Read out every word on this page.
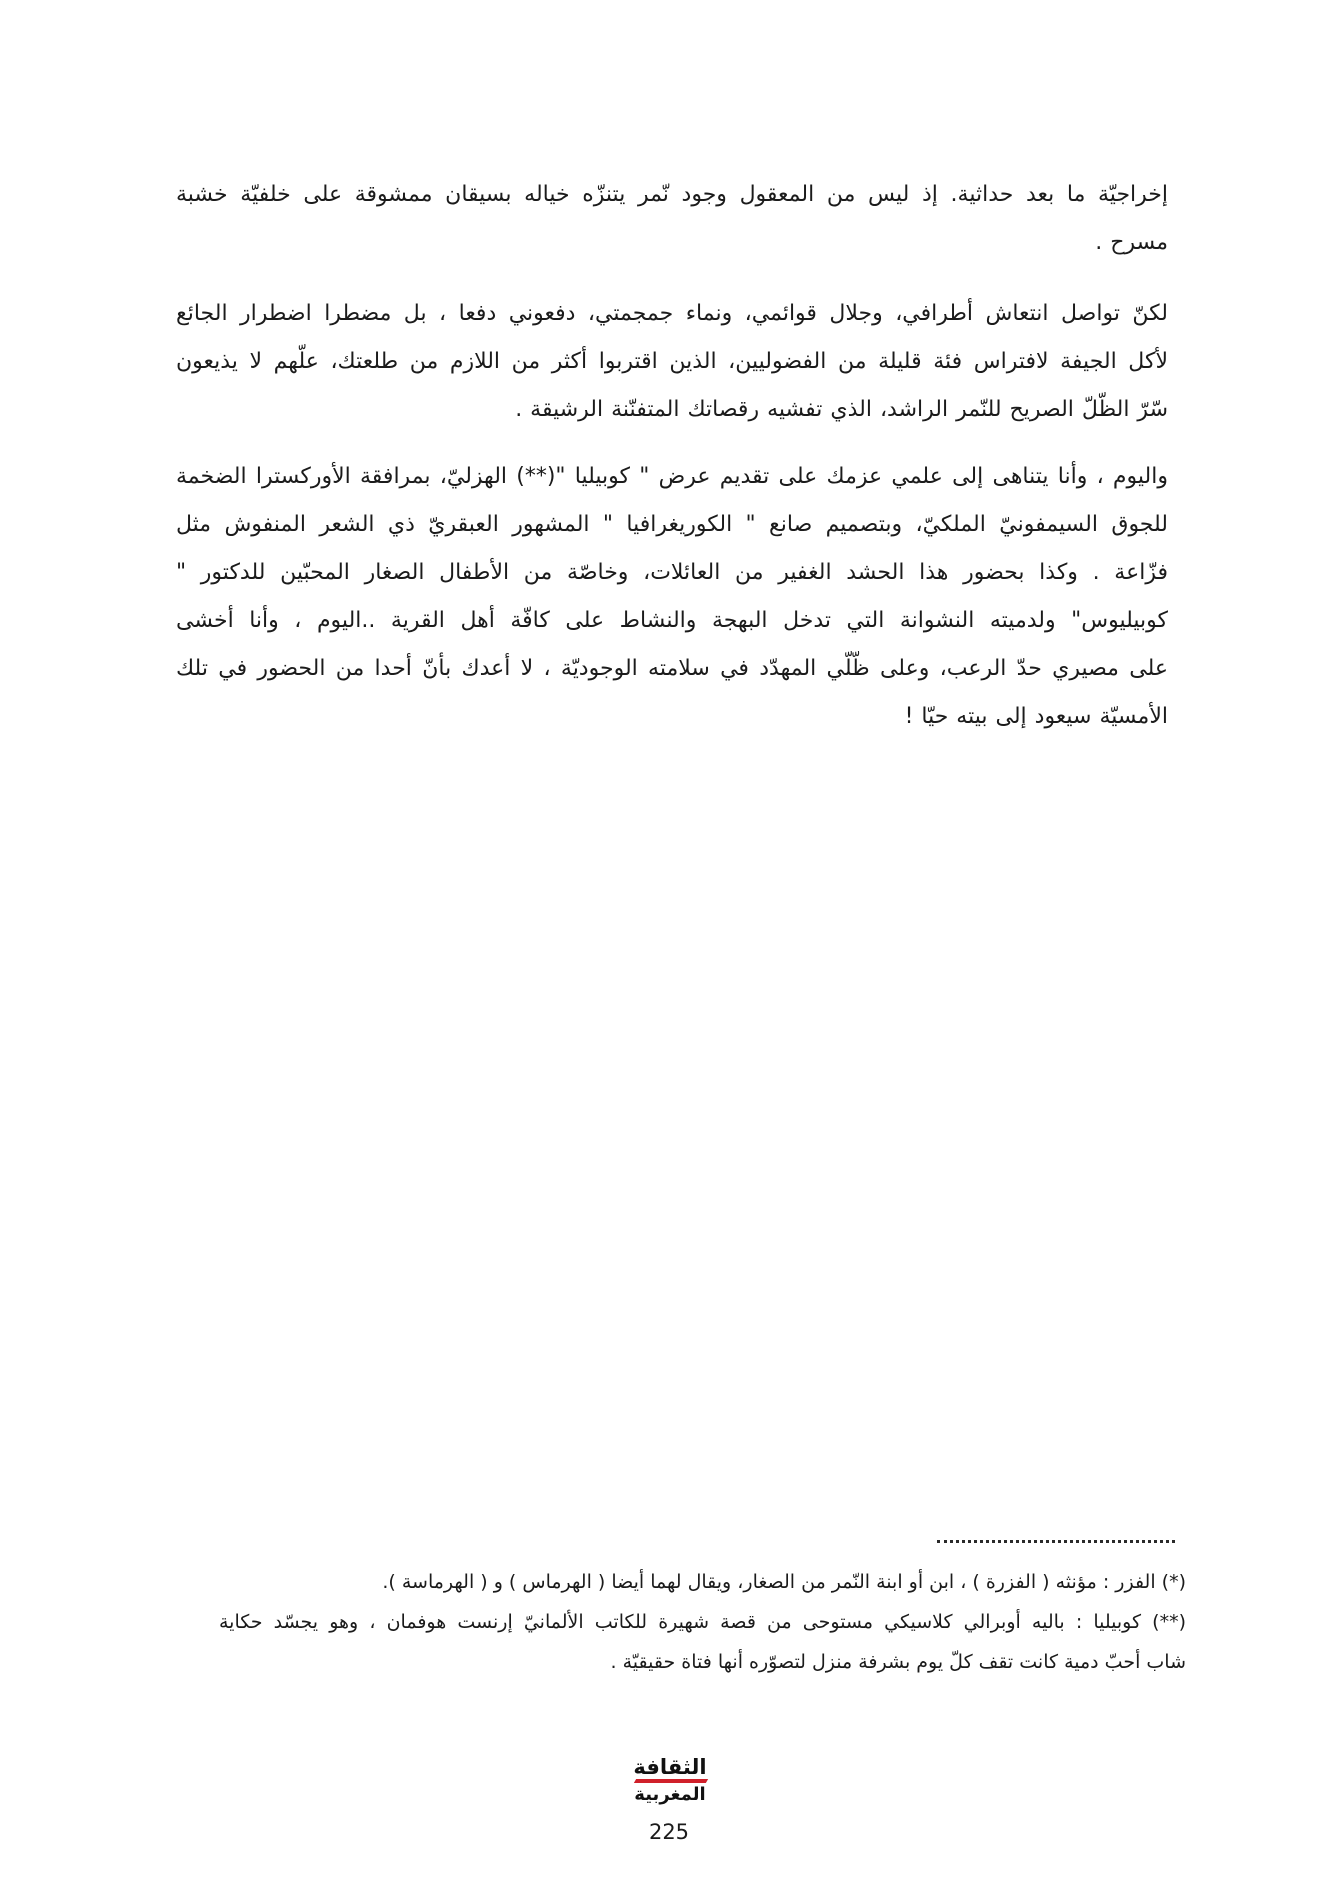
إخراجيّة ما بعد حداثية. إذ ليس من المعقول وجود نّمر يتنزّه خياله بسيقان ممشوقة على خلفيّة خشبة
مسرح .
لكنّ تواصل انتعاش أطرافي، وجلال قوائمي، ونماء جمجمتي، دفعوني دفعا ، بل مضطرا اضطرار الجائع
لأكل الجيفة لافتراس فئة قليلة من الفضوليين، الذين اقتربوا أكثر من اللازم من طلعتك، علّهم لا يذيعون
سّرّ الظّلّ الصريح للنّمر الراشد، الذي تفشيه رقصاتك المتفنّنة الرشيقة .
واليوم ، وأنا يتناهى إلى علمي عزمك على تقديم عرض " كوبيليا "(**) الهزليّ، بمرافقة الأوركسترا الضخمة
للجوق السيمفونيّ الملكيّ، وبتصميم صانع " الكوريغرافيا " المشهور العبقريّ ذي الشعر المنفوش مثل
فزّاعة . وكذا بحضور هذا الحشد الغفير من العائلات، وخاصّة من الأطفال الصغار المحبّين للدكتور "
كوبيليوس" ولدميته النشوانة التي تدخل البهجة والنشاط على كافّة أهل القرية ..اليوم ، وأنا أخشى
على مصيري حدّ الرعب، وعلى ظّلّي المهدّد في سلامته الوجوديّة ، لا أعدك بأنّ أحدا من الحضور في تلك
الأمسيّة سيعود إلى بيته حيّا !
(*) الفزر : مؤنثه ( الفزرة ) ، ابن أو ابنة النّمر من الصغار، ويقال لهما أيضا ( الهرماس ) و ( الهرماسة ).
(**) كوبيليا : باليه أوبرالي كلاسيكي مستوحى من قصة شهيرة للكاتب الألمانيّ إرنست هوفمان ، وهو يجسّد حكاية
شاب أحبّ دمية كانت تقف كلّ يوم بشرفة منزل لتصوّره أنها فتاة حقيقيّة .
الثقافة
المغربية
225
